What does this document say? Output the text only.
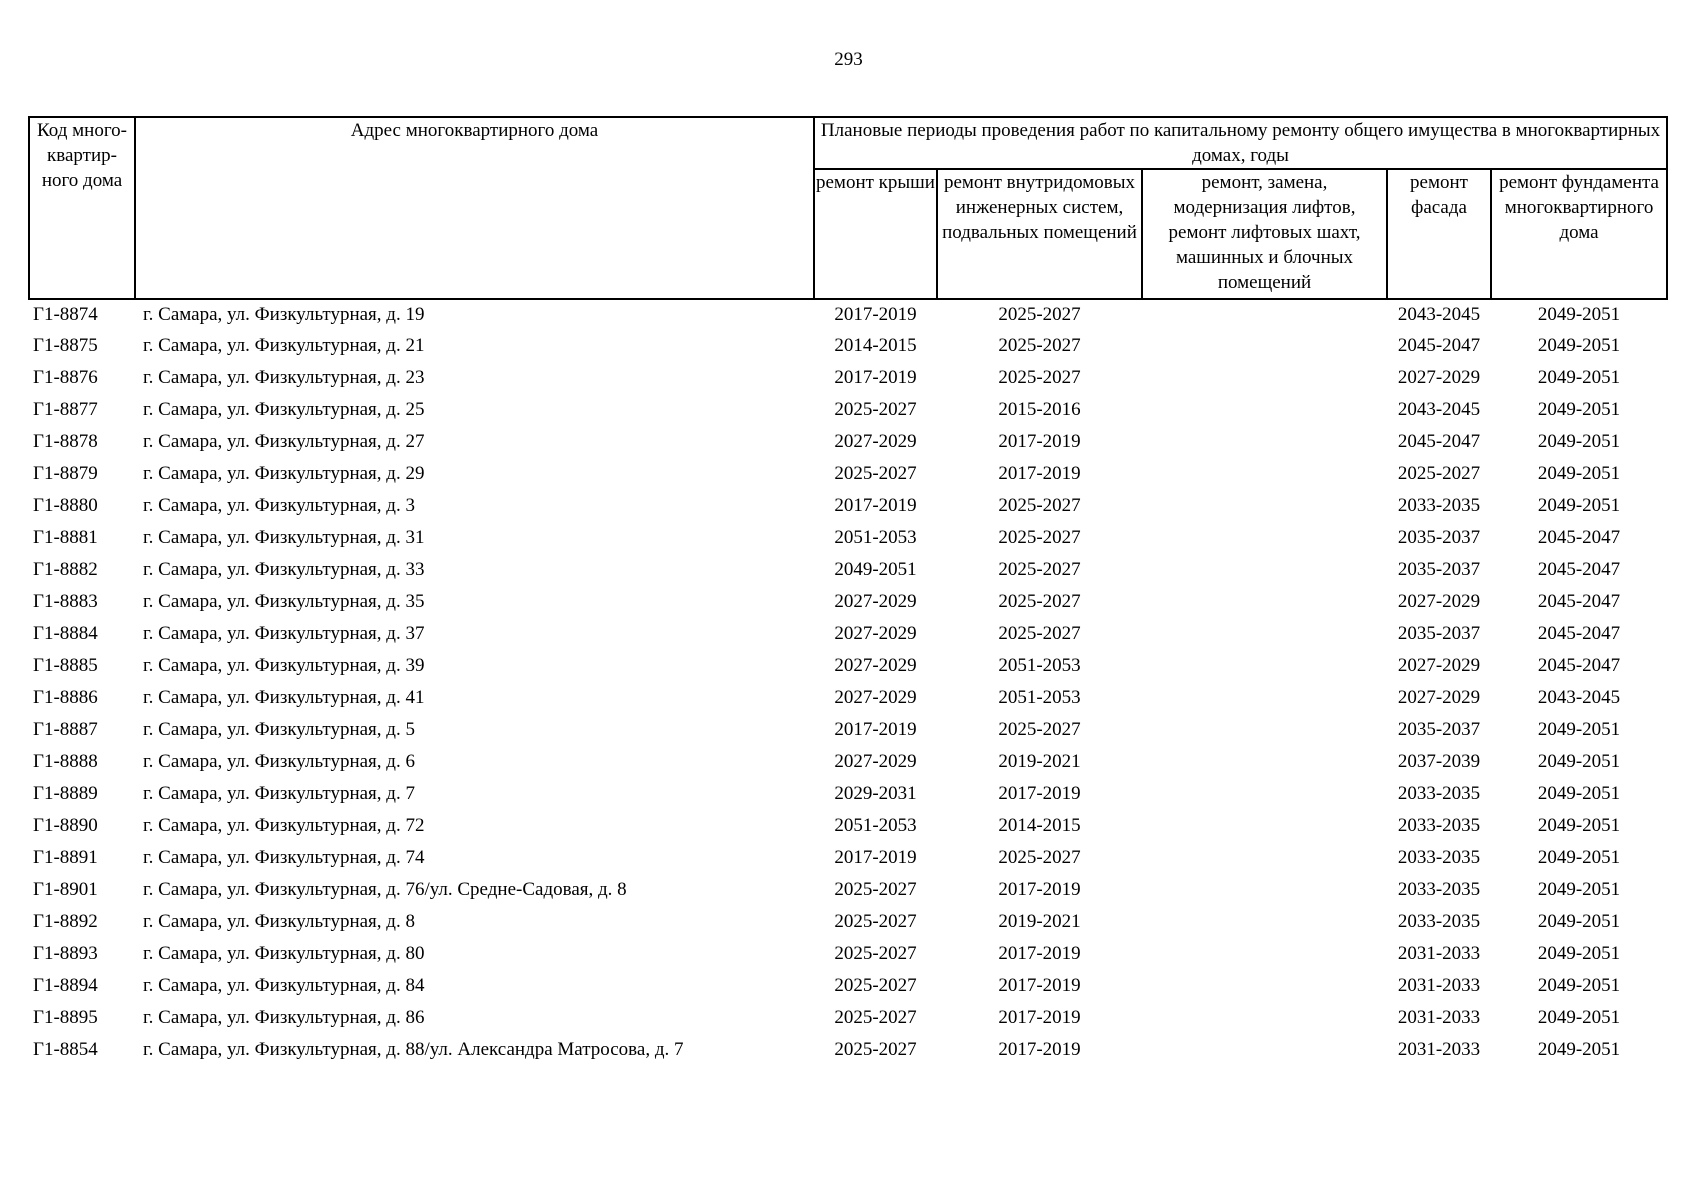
293
Код много-квартир-ного дома	Адрес многоквартирного дома	Плановые периоды проведения работ по капитальному ремонту общего имущества в многоквартирных домах, годы				
		ремонт крыши	ремонт внутридомовых инженерных систем, подвальных помещений	ремонт, замена, модернизация лифтов, ремонт лифтовых шахт, машинных и блочных помещений	ремонт фасада	ремонт фундамента многоквартирного дома
Г1-8874	г. Самара, ул. Физкультурная, д. 19	2017-2019	2025-2027		2043-2045	2049-2051
Г1-8875	г. Самара, ул. Физкультурная, д. 21	2014-2015	2025-2027		2045-2047	2049-2051
Г1-8876	г. Самара, ул. Физкультурная, д. 23	2017-2019	2025-2027		2027-2029	2049-2051
Г1-8877	г. Самара, ул. Физкультурная, д. 25	2025-2027	2015-2016		2043-2045	2049-2051
Г1-8878	г. Самара, ул. Физкультурная, д. 27	2027-2029	2017-2019		2045-2047	2049-2051
Г1-8879	г. Самара, ул. Физкультурная, д. 29	2025-2027	2017-2019		2025-2027	2049-2051
Г1-8880	г. Самара, ул. Физкультурная, д. 3	2017-2019	2025-2027		2033-2035	2049-2051
Г1-8881	г. Самара, ул. Физкультурная, д. 31	2051-2053	2025-2027		2035-2037	2045-2047
Г1-8882	г. Самара, ул. Физкультурная, д. 33	2049-2051	2025-2027		2035-2037	2045-2047
Г1-8883	г. Самара, ул. Физкультурная, д. 35	2027-2029	2025-2027		2027-2029	2045-2047
Г1-8884	г. Самара, ул. Физкультурная, д. 37	2027-2029	2025-2027		2035-2037	2045-2047
Г1-8885	г. Самара, ул. Физкультурная, д. 39	2027-2029	2051-2053		2027-2029	2045-2047
Г1-8886	г. Самара, ул. Физкультурная, д. 41	2027-2029	2051-2053		2027-2029	2043-2045
Г1-8887	г. Самара, ул. Физкультурная, д. 5	2017-2019	2025-2027		2035-2037	2049-2051
Г1-8888	г. Самара, ул. Физкультурная, д. 6	2027-2029	2019-2021		2037-2039	2049-2051
Г1-8889	г. Самара, ул. Физкультурная, д. 7	2029-2031	2017-2019		2033-2035	2049-2051
Г1-8890	г. Самара, ул. Физкультурная, д. 72	2051-2053	2014-2015		2033-2035	2049-2051
Г1-8891	г. Самара, ул. Физкультурная, д. 74	2017-2019	2025-2027		2033-2035	2049-2051
Г1-8901	г. Самара, ул. Физкультурная, д. 76/ул. Средне-Садовая, д. 8	2025-2027	2017-2019		2033-2035	2049-2051
Г1-8892	г. Самара, ул. Физкультурная, д. 8	2025-2027	2019-2021		2033-2035	2049-2051
Г1-8893	г. Самара, ул. Физкультурная, д. 80	2025-2027	2017-2019		2031-2033	2049-2051
Г1-8894	г. Самара, ул. Физкультурная, д. 84	2025-2027	2017-2019		2031-2033	2049-2051
Г1-8895	г. Самара, ул. Физкультурная, д. 86	2025-2027	2017-2019		2031-2033	2049-2051
Г1-8854	г. Самара, ул. Физкультурная, д. 88/ул. Александра Матросова, д. 7	2025-2027	2017-2019		2031-2033	2049-2051
